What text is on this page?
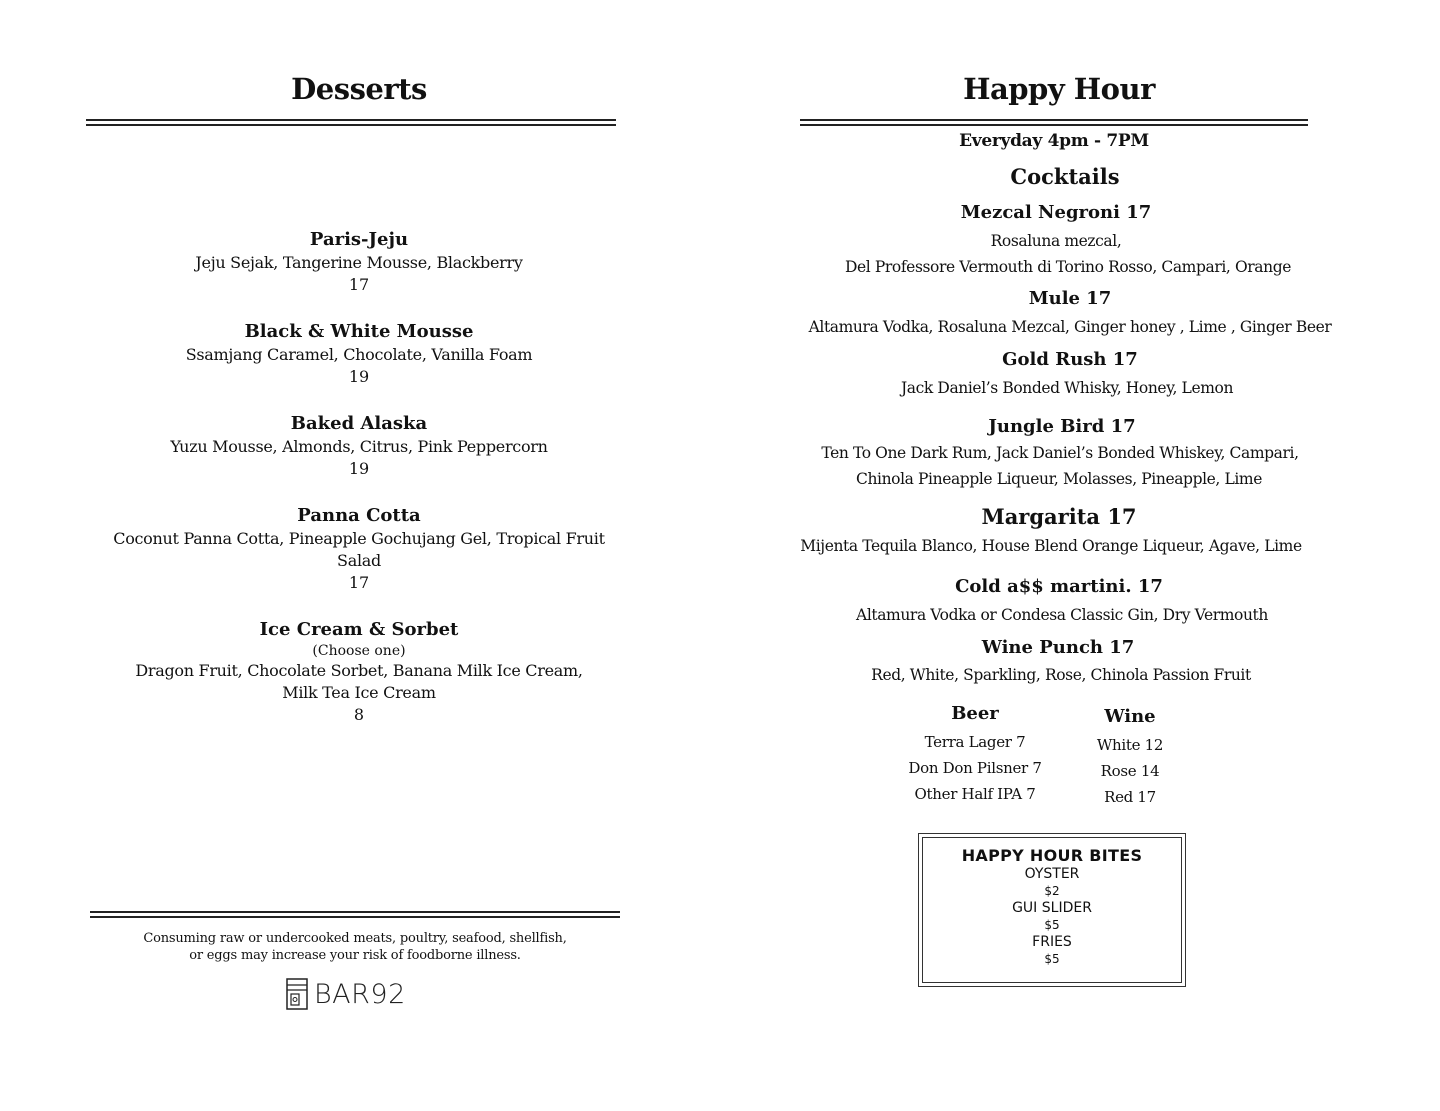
Desserts
Paris-Jeju
Jeju Sejak, Tangerine Mousse, Blackberry
17
Black & White Mousse
Ssamjang Caramel, Chocolate, Vanilla Foam
19
Baked Alaska
Yuzu Mousse, Almonds, Citrus, Pink Peppercorn
19
Panna Cotta
Coconut Panna Cotta, Pineapple Gochujang Gel, Tropical Fruit Salad
17
Ice Cream & Sorbet
(Choose one)
Dragon Fruit, Chocolate Sorbet, Banana Milk Ice Cream,
Milk Tea Ice Cream
8
Consuming raw or undercooked meats, poultry, seafood, shellfish,
or eggs may increase your risk of foodborne illness.
BAR92
Happy Hour
Everyday 4pm - 7PM
Cocktails
Mezcal Negroni 17
Rosaluna mezcal,
Del Professore Vermouth di Torino Rosso, Campari, Orange
Mule 17
Altamura Vodka, Rosaluna Mezcal, Ginger honey , Lime , Ginger Beer
Gold Rush 17
Jack Daniel’s Bonded Whisky, Honey, Lemon
Jungle Bird 17
Ten To One Dark Rum, Jack Daniel’s Bonded Whiskey, Campari,
Chinola Pineapple Liqueur, Molasses, Pineapple, Lime
Margarita 17
Mijenta Tequila Blanco, House Blend Orange Liqueur, Agave, Lime
Cold a$$ martini. 17
Altamura Vodka or Condesa Classic Gin, Dry Vermouth
Wine Punch 17
Red, White, Sparkling, Rose, Chinola Passion Fruit
Beer
Terra Lager 7
Don Don Pilsner 7
Other Half IPA 7
Wine
White 12
Rose 14
Red 17
HAPPY HOUR BITES
OYSTER
$2
GUI SLIDER
$5
FRIES
$5
